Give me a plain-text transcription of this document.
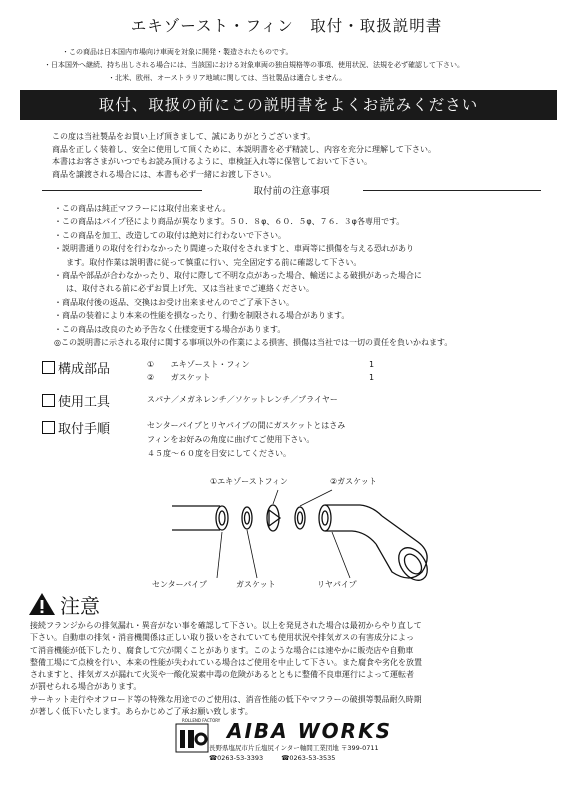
エキゾースト・フィン　取付・取扱説明書
・この商品は日本国内市場向け車両を対象に開発・製造されたものです。
・日本国外へ継続、持ち出しされる場合には、当該国における対象車両の独自規格等の事項、使用状況、法規を必ず確認して下さい。
・北米、欧州、オーストラリア地域に関しては、当社製品は適合しません。
取付、取扱の前にこの説明書をよくお読みください
この度は当社製品をお買い上げ頂きまして、誠にありがとうございます。
商品を正しく装着し、安全に使用して頂くために、本説明書を必ず精読し、内容を充分に理解して下さい。
本書はお客さまがいつでもお読み頂けるように、車検証入れ等に保管しておいて下さい。
商品を譲渡される場合には、本書も必ず一緒にお渡し下さい。
取付前の注意事項
・この商品は純正マフラーには取付出来ません。
・この商品はパイプ径により商品が異なります。５０．８φ、６０．５φ、７６．３φ各専用です。
・この商品を加工、改造しての取付は絶対に行わないで下さい。
・説明書通りの取付を行わなかったり間違った取付をされますと、車両等に損傷を与える恐れがあり
ます。取付作業は説明書に従って慎重に行い、完全固定する前に確認して下さい。
・商品や部品が合わなかったり、取付に際して不明な点があった場合、輸送による破損があった場合に
は、取付される前に必ずお買上げ先、又は当社までご連絡ください。
・商品取付後の返品、交換はお受け出来ませんのでご了承下さい。
・商品の装着により本来の性能を損なったり、行動を制限される場合があります。
・この商品は改良のため予告なく仕様変更する場合があります。
◎この説明書に示される取付に関する事項以外の作業による損害、損傷は当社では一切の責任を負いかねます。
構成部品	① エキゾースト・フィン	1
② ガスケット	1
使用工具	スパナ／メガネレンチ／ソケットレンチ／プライヤー
取付手順	センターパイプとリヤパイプの間にガスケットとはさみ
フィンをお好みの角度に曲げてご使用下さい。
４５度～６０度を目安にしてください。
①エキゾーストフィン	②ガスケット
センターパイプ	ガスケット	リヤパイプ
注意
接続フランジからの排気漏れ・異音がない事を確認して下さい。以上を発見された場合は最初からやり直して
下さい。自動車の排気・消音機関係は正しい取り扱いをされていても使用状況や排気ガスの有害成分によっ
て消音機能が低下したり、腐食して穴が開くことがあります。このような場合には速やかに販売店や自動車
整備工場にて点検を行い、本来の性能が失われている場合はご使用を中止して下さい。また腐食や劣化を放置
されますと、排気ガスが漏れて火災や一酸化炭素中毒の危険があるとともに整備不良車運行によって運転者
が罰せられる場合があります。
サーキット走行やオフロード等の特殊な用途でのご使用は、消音性能の低下やマフラーの破損等製品耐久時期
が著しく低下いたします。あらかじめご了承お願い致します。
ROLLEND FACTORY AIBA WORKS
長野県塩尻市片丘塩尻インター軸間工業団地 〒399-0711
☎0263-53-3393	☎0263-53-3535
